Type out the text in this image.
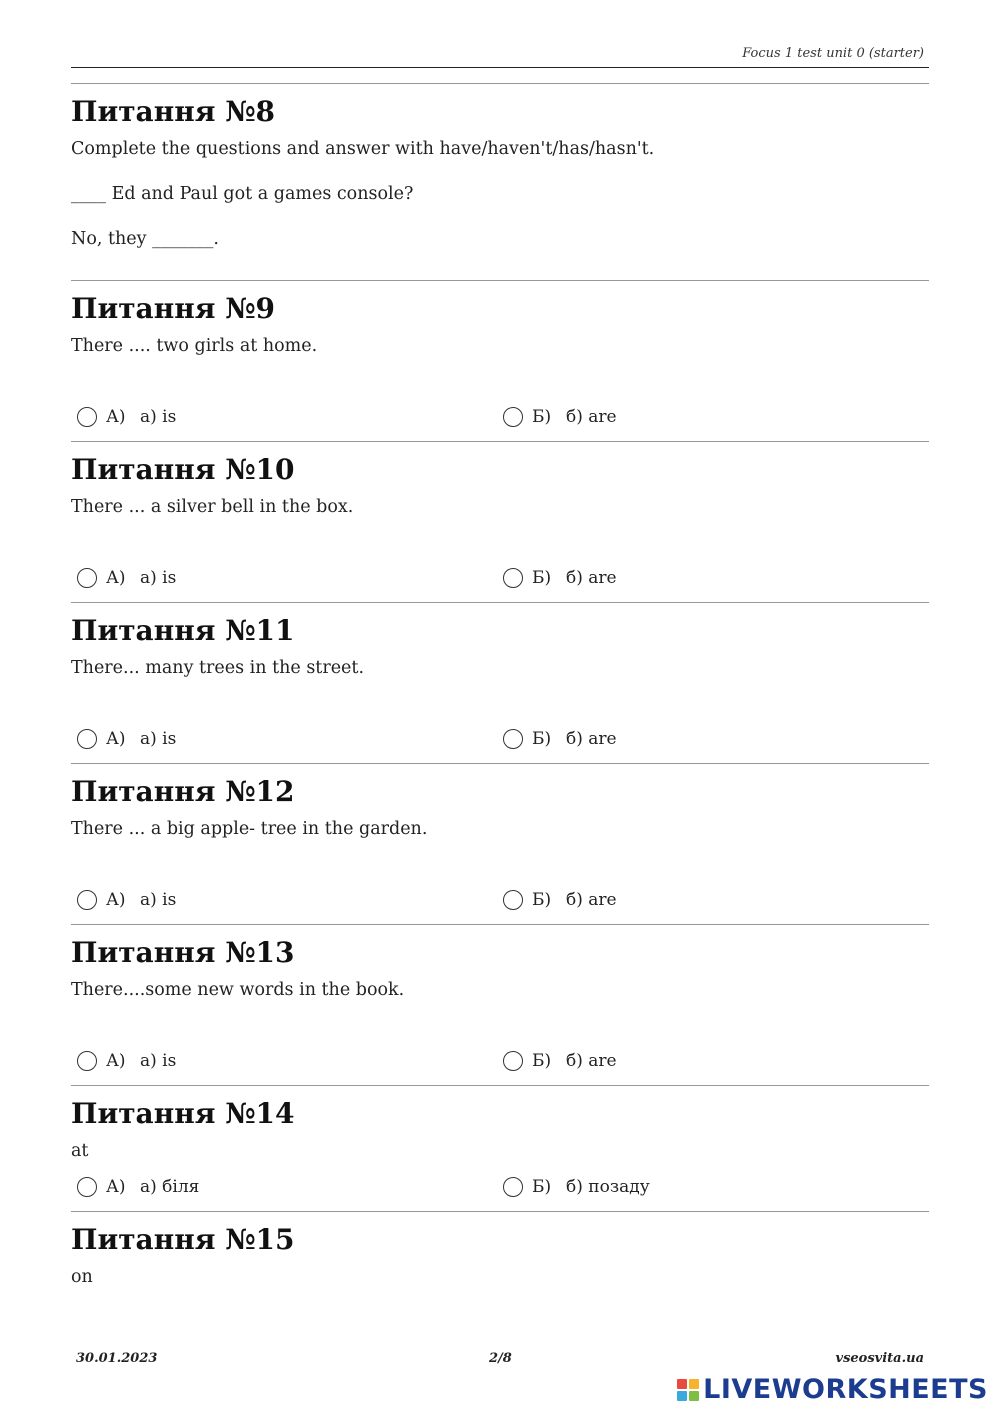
Focus 1 test unit 0 (starter)
Питання №8

Complete the questions and answer with have/haven't/has/hasn't.

____ Ed and Paul got a games console?

No, they _______.

Питання №9

There .... two girls at home.

А) a) is	Б) б) are
Питання №10

There ... a silver bell in the box.

А) a) is	Б) б) are
Питання №11

There... many trees in the street.

А) a) is	Б) б) are
Питання №12

There ... a big apple- tree in the garden.

А) a) is	Б) б) are
Питання №13

There....some new words in the book.

А) a) is	Б) б) are
Питання №14

at

А) а) біля	Б) б) позаду
Питання №15

on

30.01.2023	2/8	vseosvita.ua
LIVEWORKSHEETS
